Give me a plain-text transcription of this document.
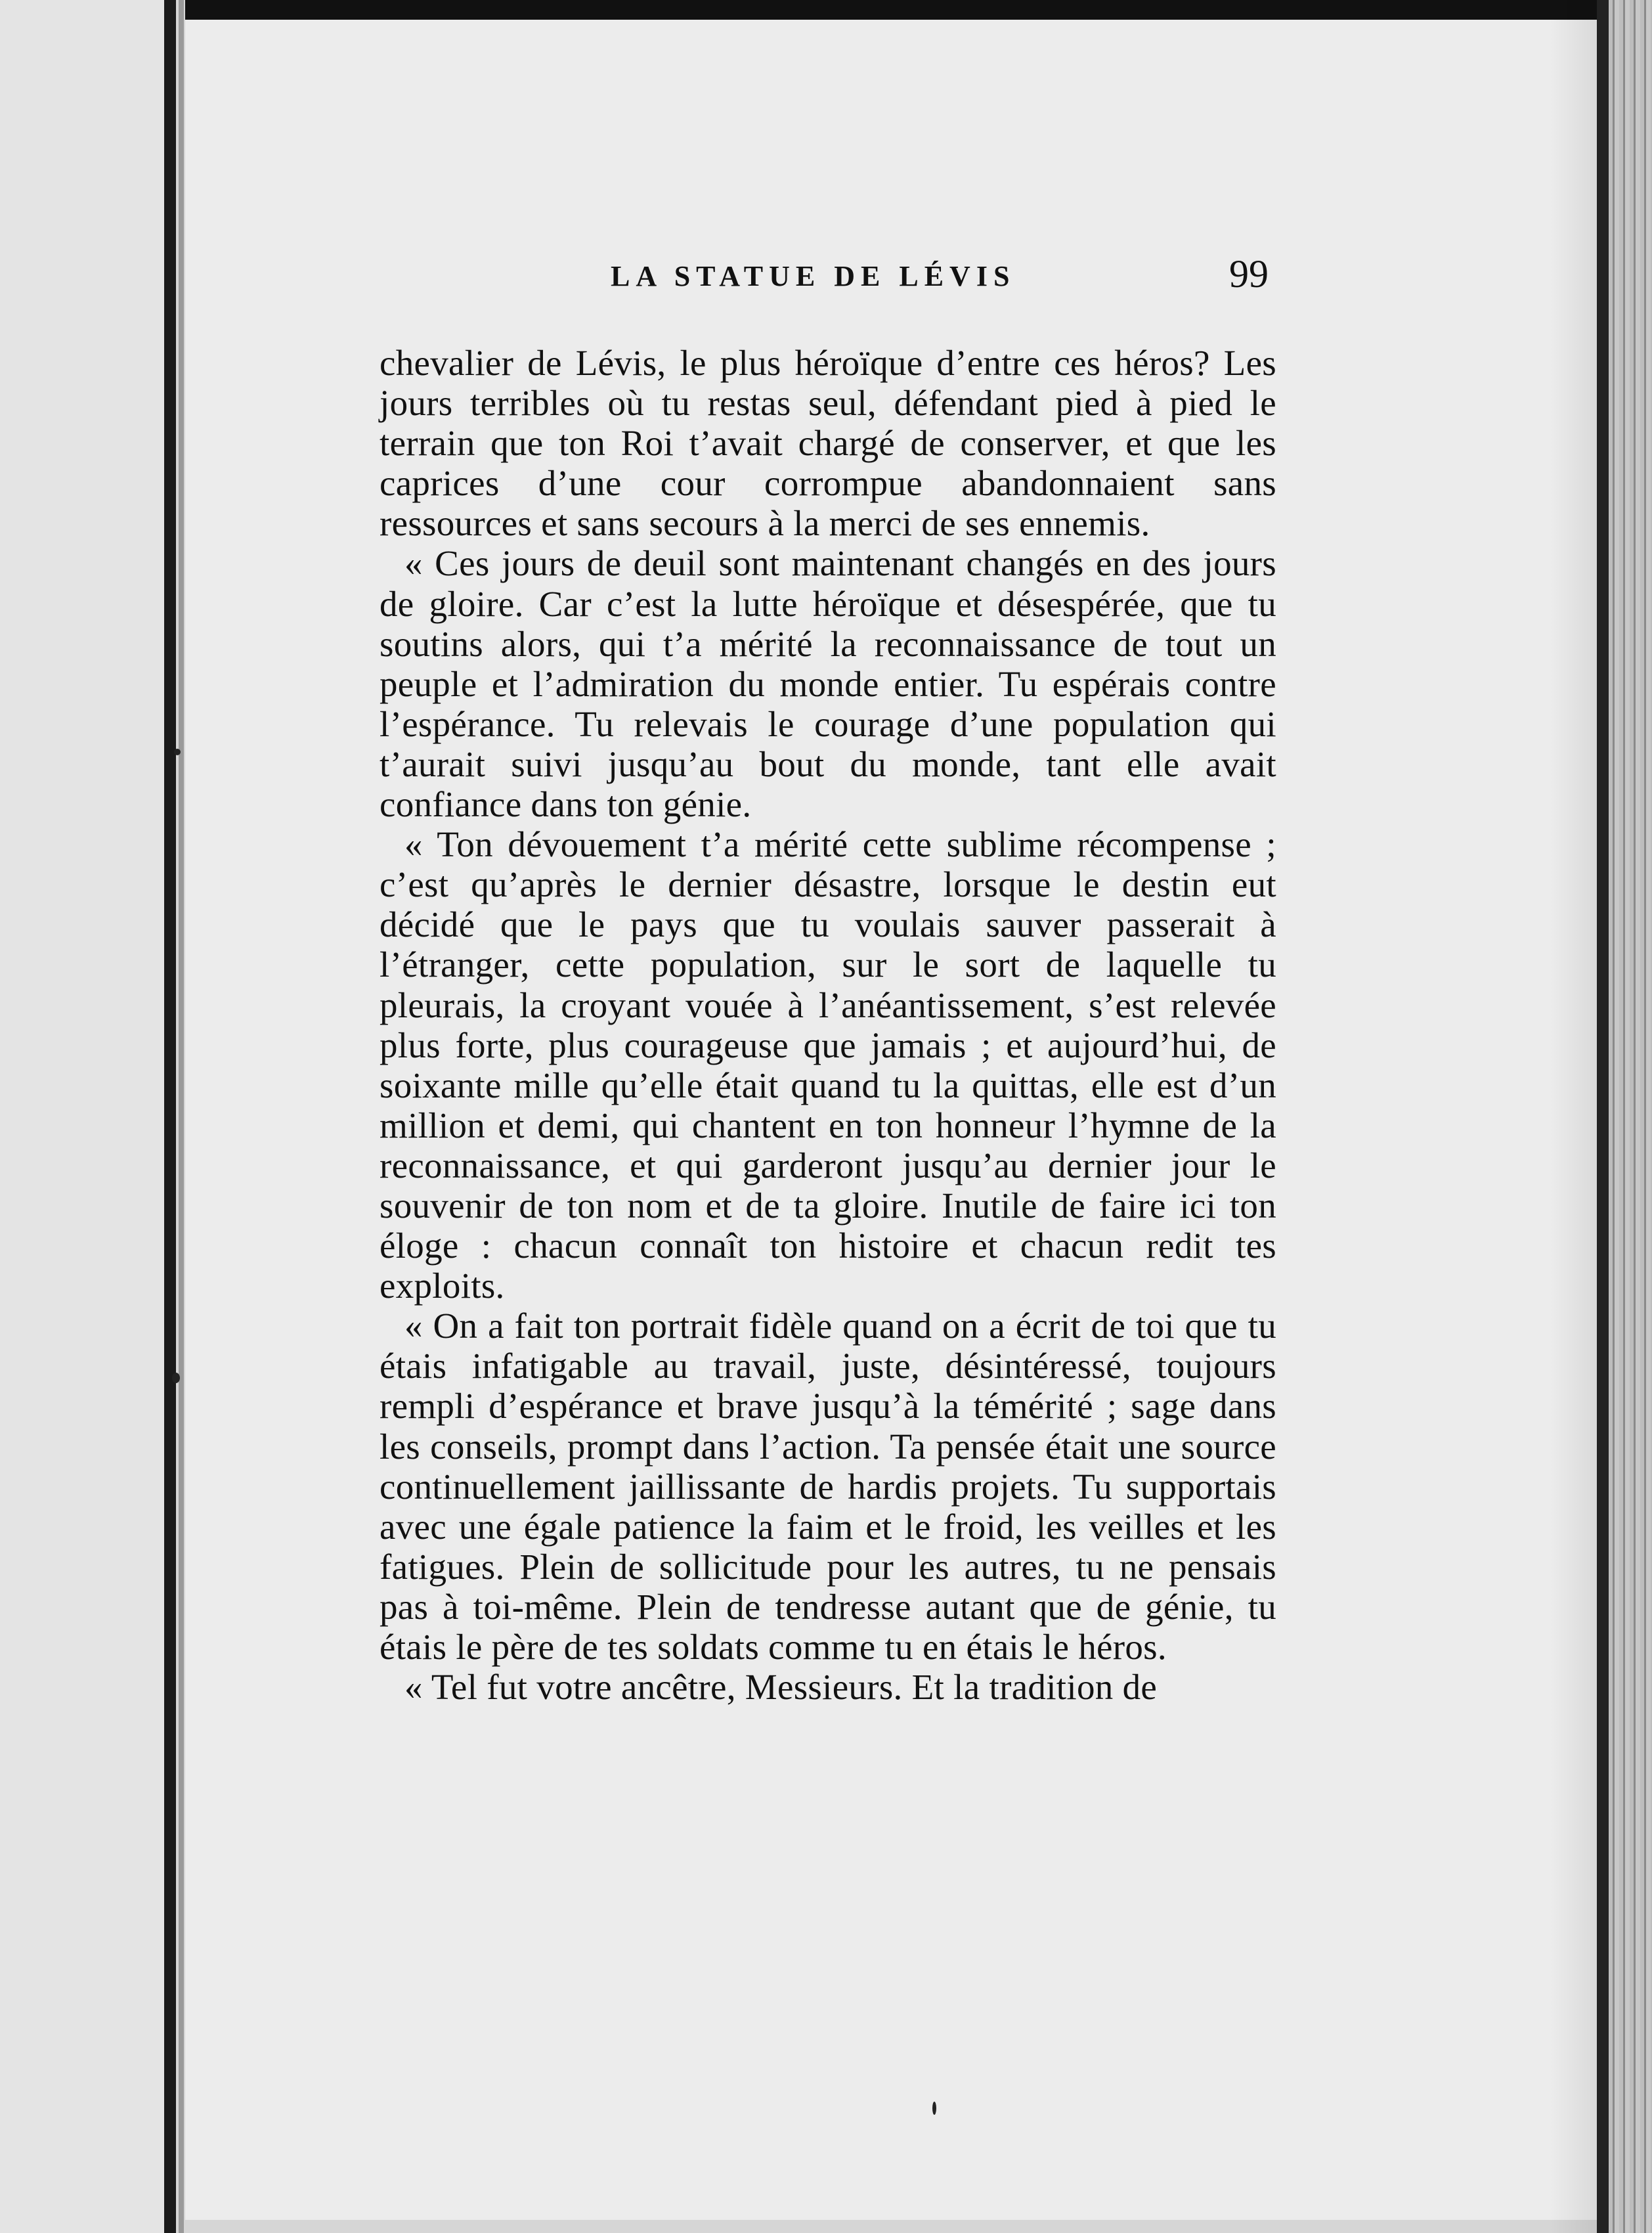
LA STATUE DE LÉVIS	99

chevalier de Lévis, le plus héroïque d’entre ces héros? Les jours terribles où tu restas seul, défendant pied à pied le terrain que ton Roi t’avait chargé de conserver, et que les caprices d’une cour corrompue abandonnaient sans ressources et sans secours à la merci de ses ennemis.

« Ces jours de deuil sont maintenant changés en des jours de gloire. Car c’est la lutte héroïque et désespérée, que tu soutins alors, qui t’a mérité la reconnaissance de tout un peuple et l’admiration du monde entier. Tu espérais contre l’espérance. Tu relevais le courage d’une population qui t’aurait suivi jusqu’au bout du monde, tant elle avait confiance dans ton génie.

« Ton dévouement t’a mérité cette sublime récompense ; c’est qu’après le dernier désastre, lorsque le destin eut décidé que le pays que tu voulais sauver passerait à l’étranger, cette population, sur le sort de laquelle tu pleurais, la croyant vouée à l’anéantissement, s’est relevée plus forte, plus courageuse que jamais ; et aujourd’hui, de soixante mille qu’elle était quand tu la quittas, elle est d’un million et demi, qui chantent en ton honneur l’hymne de la reconnaissance, et qui garderont jusqu’au dernier jour le souvenir de ton nom et de ta gloire. Inutile de faire ici ton éloge : chacun connaît ton histoire et chacun redit tes exploits.

« On a fait ton portrait fidèle quand on a écrit de toi que tu étais infatigable au travail, juste, désintéressé, toujours rempli d’espérance et brave jusqu’à la témérité ; sage dans les conseils, prompt dans l’action. Ta pensée était une source continuellement jaillissante de hardis projets. Tu supportais avec une égale patience la faim et le froid, les veilles et les fatigues. Plein de sollicitude pour les autres, tu ne pensais pas à toi-même. Plein de tendresse autant que de génie, tu étais le père de tes soldats comme tu en étais le héros.

« Tel fut votre ancêtre, Messieurs. Et la tradition de
